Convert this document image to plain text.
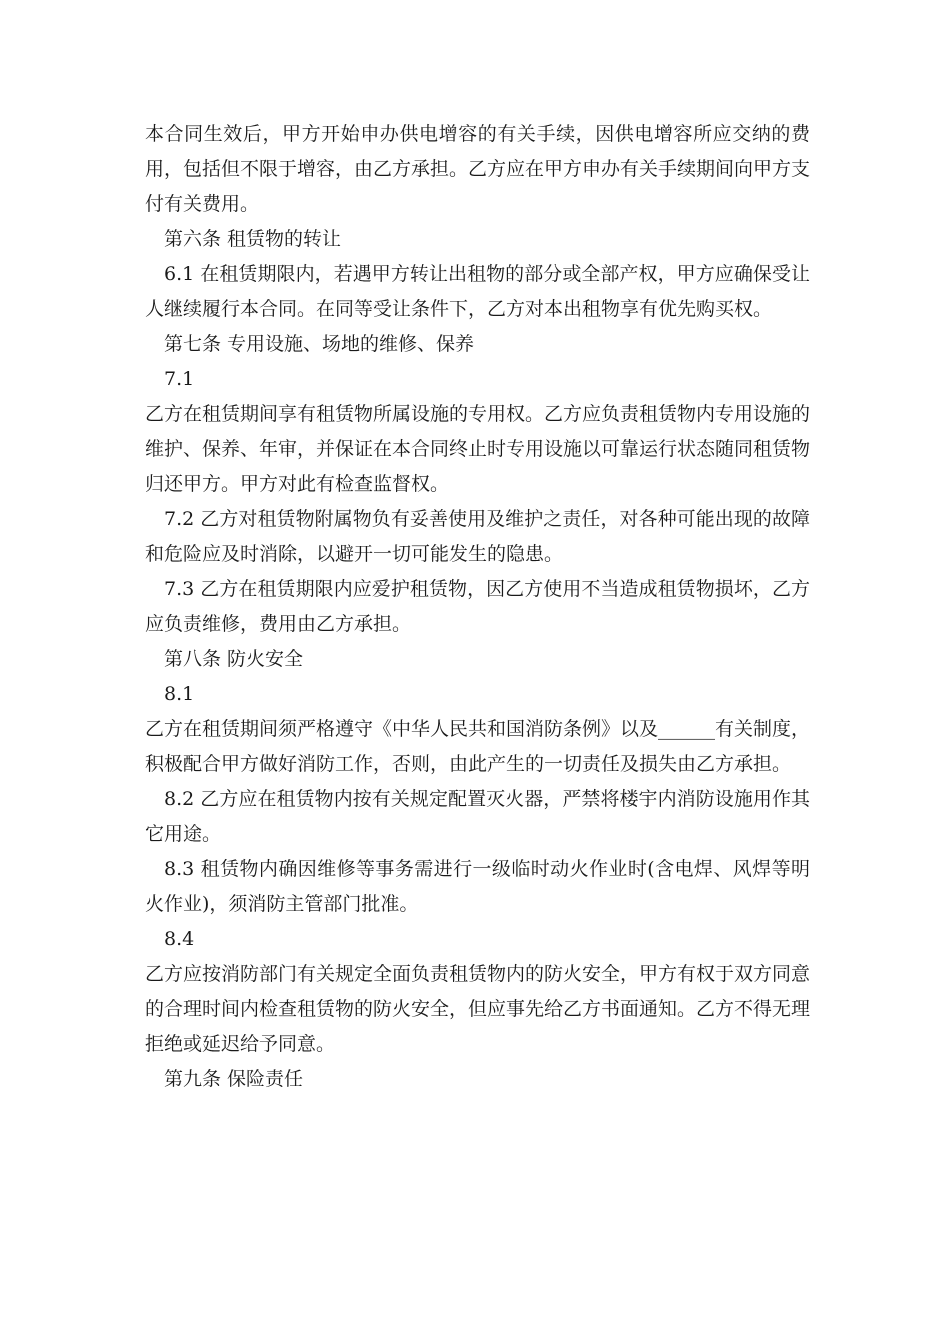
本合同生效后，甲方开始申办供电增容的有关手续，因供电增容所应交纳的费用，包括但不限于增容，由乙方承担。乙方应在甲方申办有关手续期间向甲方支付有关费用。

第六条 租赁物的转让

6.1 在租赁期限内，若遇甲方转让出租物的部分或全部产权，甲方应确保受让人继续履行本合同。在同等受让条件下，乙方对本出租物享有优先购买权。

第七条 专用设施、场地的维修、保养

7.1

乙方在租赁期间享有租赁物所属设施的专用权。乙方应负责租赁物内专用设施的维护、保养、年审，并保证在本合同终止时专用设施以可靠运行状态随同租赁物归还甲方。甲方对此有检查监督权。

7.2 乙方对租赁物附属物负有妥善使用及维护之责任，对各种可能出现的故障和危险应及时消除，以避开一切可能发生的隐患。

7.3 乙方在租赁期限内应爱护租赁物，因乙方使用不当造成租赁物损坏，乙方应负责维修，费用由乙方承担。

第八条 防火安全

8.1

乙方在租赁期间须严格遵守《中华人民共和国消防条例》以及______有关制度，积极配合甲方做好消防工作，否则，由此产生的一切责任及损失由乙方承担。

8.2 乙方应在租赁物内按有关规定配置灭火器，严禁将楼宇内消防设施用作其它用途。

8.3 租赁物内确因维修等事务需进行一级临时动火作业时(含电焊、风焊等明火作业)，须消防主管部门批准。

8.4

乙方应按消防部门有关规定全面负责租赁物内的防火安全，甲方有权于双方同意的合理时间内检查租赁物的防火安全，但应事先给乙方书面通知。乙方不得无理拒绝或延迟给予同意。

第九条 保险责任
